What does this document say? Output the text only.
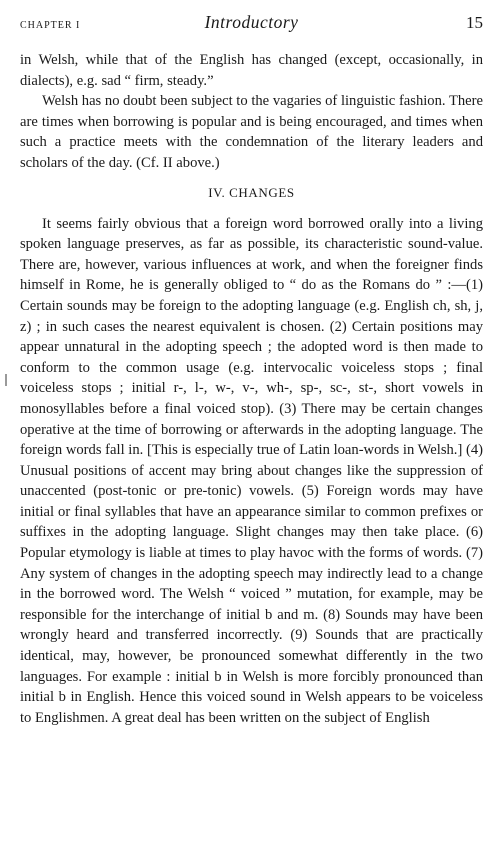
CHAPTER I	Introductory	15

in Welsh, while that of the English has changed (except, occasionally, in dialects), e.g. sad “ firm, steady.”

Welsh has no doubt been subject to the vagaries of linguistic fashion. There are times when borrowing is popular and is being encouraged, and times when such a practice meets with the condemnation of the literary leaders and scholars of the day. (Cf. II above.)

IV. CHANGES

It seems fairly obvious that a foreign word borrowed orally into a living spoken language preserves, as far as possible, its characteristic sound-value. There are, however, various influences at work, and when the foreigner finds himself in Rome, he is generally obliged to “ do as the Romans do ” :—(1) Certain sounds may be foreign to the adopting language (e.g. English ch, sh, j, z) ; in such cases the nearest equivalent is chosen. (2) Certain positions may appear unnatural in the adopting speech ; the adopted word is then made to conform to the common usage (e.g. intervocalic voiceless stops ; final voiceless stops ; initial r-, l-, w-, v-, wh-, sp-, sc-, st-, short vowels in monosyllables before a final voiced stop). (3) There may be certain changes operative at the time of borrowing or afterwards in the adopting language. The foreign words fall in. [This is especially true of Latin loan-words in Welsh.] (4) Unusual positions of accent may bring about changes like the suppression of unaccented (post-tonic or pre-tonic) vowels. (5) Foreign words may have initial or final syllables that have an appearance similar to common prefixes or suffixes in the adopting language. Slight changes may then take place. (6) Popular etymology is liable at times to play havoc with the forms of words. (7) Any system of changes in the adopting speech may indirectly lead to a change in the borrowed word. The Welsh “ voiced ” mutation, for example, may be responsible for the interchange of initial b and m. (8) Sounds may have been wrongly heard and transferred incorrectly. (9) Sounds that are practically identical, may, however, be pronounced somewhat differently in the two languages. For example : initial b in Welsh is more forcibly pronounced than initial b in English. Hence this voiced sound in Welsh appears to be voiceless to Englishmen. A great deal has been written on the subject of English
